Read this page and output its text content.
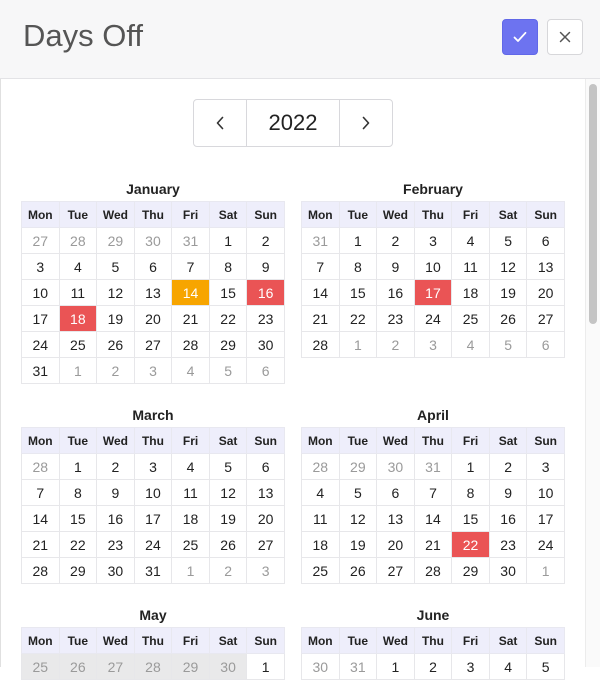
Days Off
2022
January
Mon	Tue	Wed	Thu	Fri	Sat	Sun
27	28	29	30	31	1	2
3	4	5	6	7	8	9
10	11	12	13	14	15	16
17	18	19	20	21	22	23
24	25	26	27	28	29	30
31	1	2	3	4	5	6
February
Mon	Tue	Wed	Thu	Fri	Sat	Sun
31	1	2	3	4	5	6
7	8	9	10	11	12	13
14	15	16	17	18	19	20
21	22	23	24	25	26	27
28	1	2	3	4	5	6
March
Mon	Tue	Wed	Thu	Fri	Sat	Sun
28	1	2	3	4	5	6
7	8	9	10	11	12	13
14	15	16	17	18	19	20
21	22	23	24	25	26	27
28	29	30	31	1	2	3
April
Mon	Tue	Wed	Thu	Fri	Sat	Sun
28	29	30	31	1	2	3
4	5	6	7	8	9	10
11	12	13	14	15	16	17
18	19	20	21	22	23	24
25	26	27	28	29	30	1
May
Mon	Tue	Wed	Thu	Fri	Sat	Sun
25	26	27	28	29	30	1
June
Mon	Tue	Wed	Thu	Fri	Sat	Sun
30	31	1	2	3	4	5
